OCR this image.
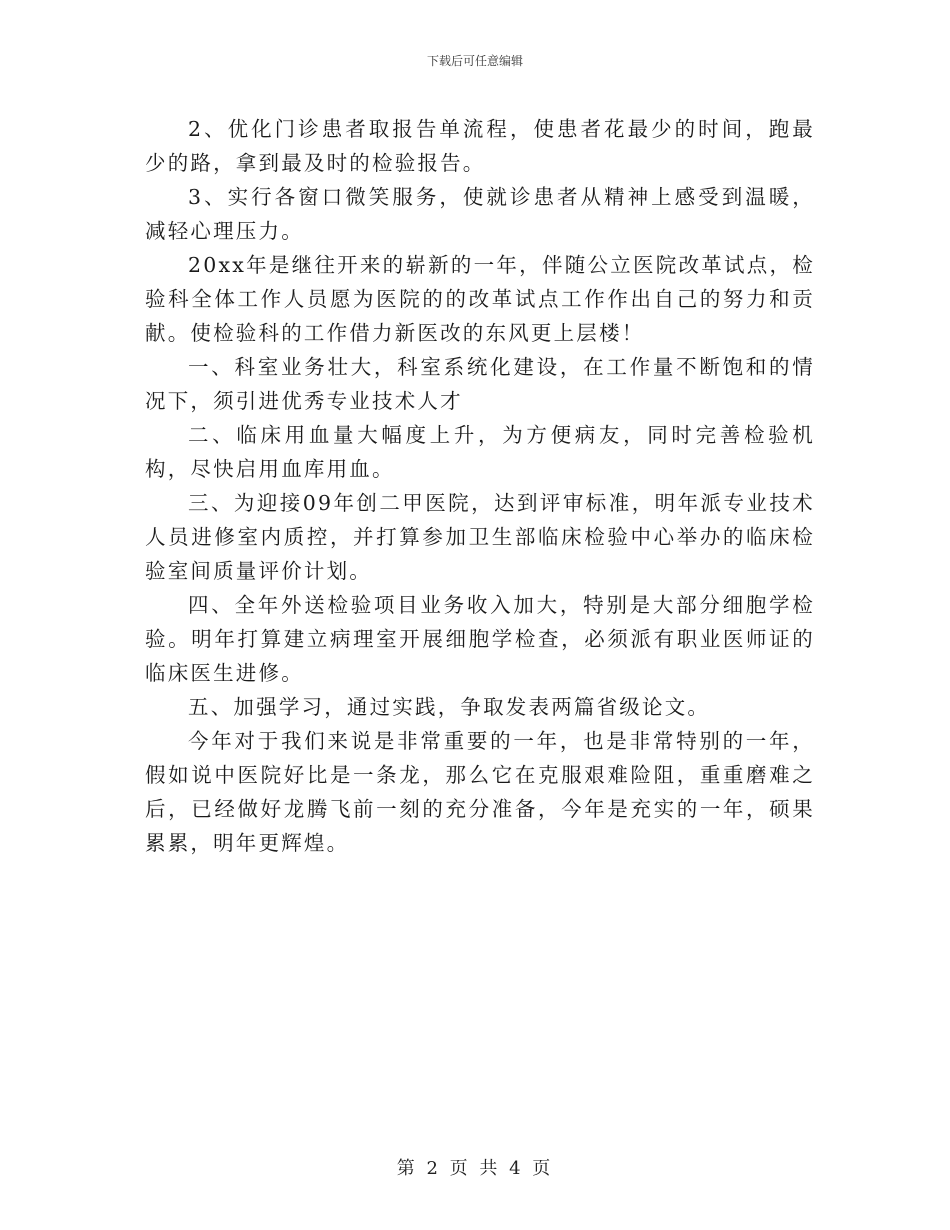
下载后可任意编辑

2、优化门诊患者取报告单流程，使患者花最少的时间，跑最少的路，拿到最及时的检验报告。

3、实行各窗口微笑服务，使就诊患者从精神上感受到温暖，减轻心理压力。

20xx年是继往开来的崭新的一年，伴随公立医院改革试点，检验科全体工作人员愿为医院的的改革试点工作作出自己的努力和贡献。使检验科的工作借力新医改的东风更上层楼！

一、科室业务壮大，科室系统化建设，在工作量不断饱和的情况下，须引进优秀专业技术人才

二、临床用血量大幅度上升，为方便病友，同时完善检验机构，尽快启用血库用血。

三、为迎接09年创二甲医院，达到评审标准，明年派专业技术人员进修室内质控，并打算参加卫生部临床检验中心举办的临床检验室间质量评价计划。

四、全年外送检验项目业务收入加大，特别是大部分细胞学检验。明年打算建立病理室开展细胞学检查，必须派有职业医师证的临床医生进修。

五、加强学习，通过实践，争取发表两篇省级论文。

今年对于我们来说是非常重要的一年，也是非常特别的一年，假如说中医院好比是一条龙，那么它在克服艰难险阻，重重磨难之后，已经做好龙腾飞前一刻的充分准备，今年是充实的一年，硕果累累，明年更辉煌。

第 2 页 共 4 页
